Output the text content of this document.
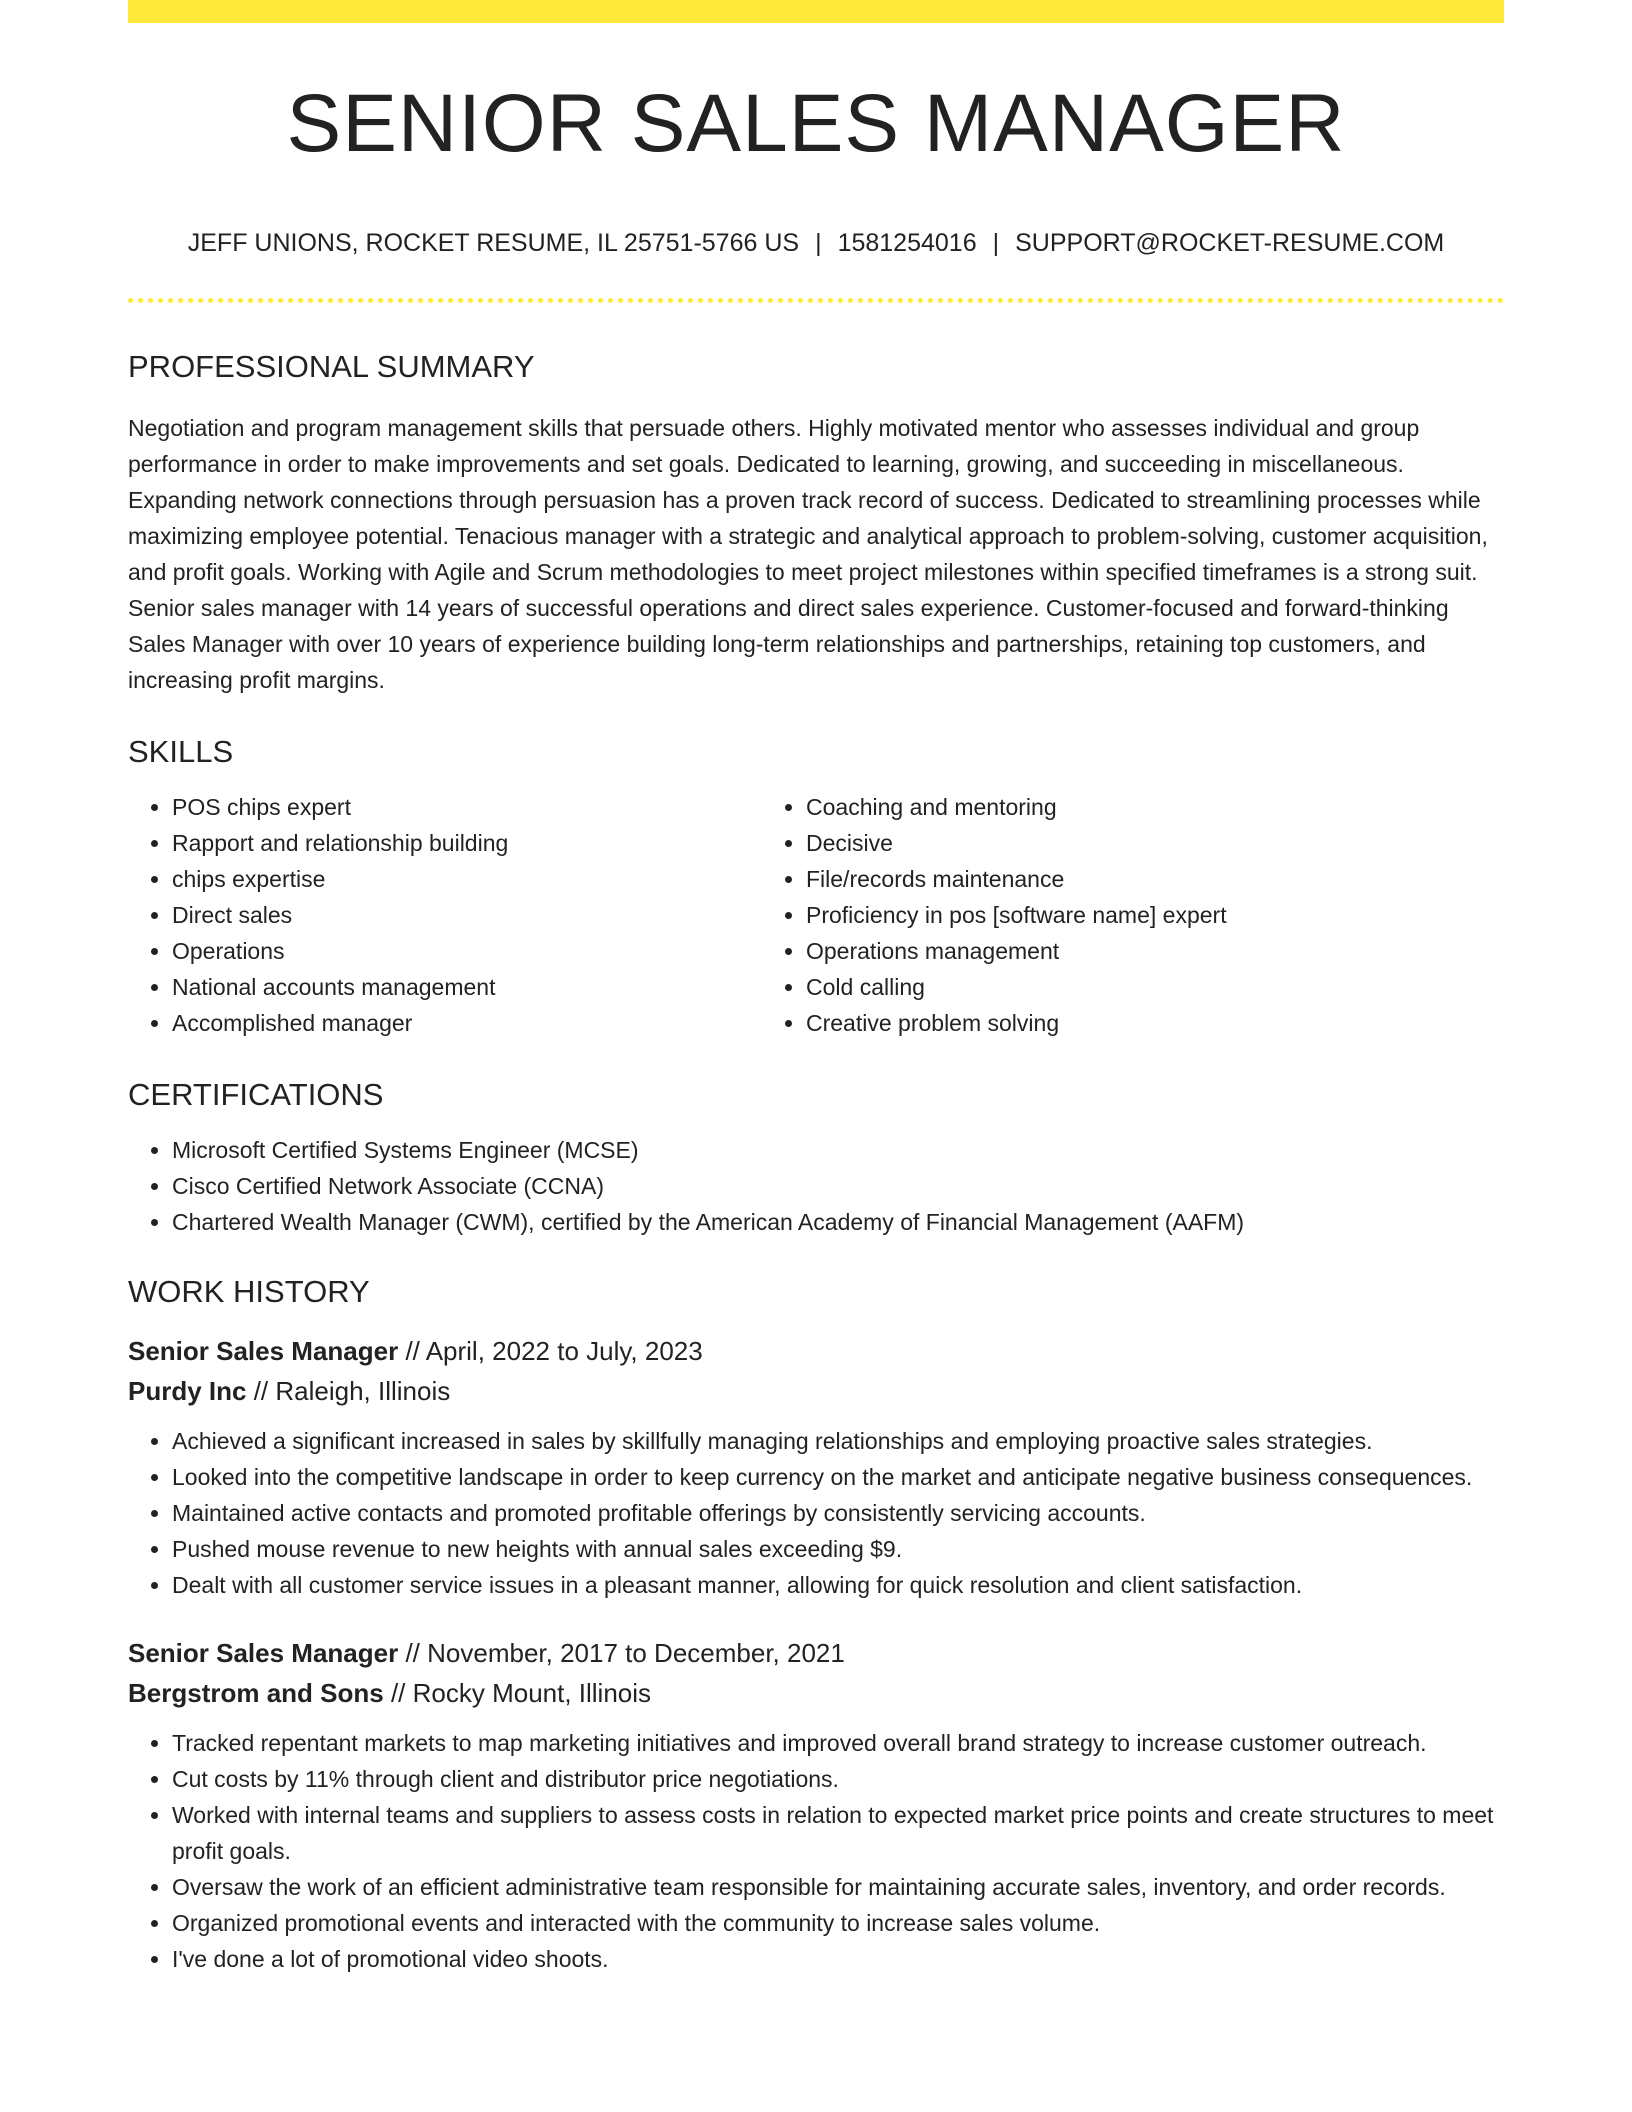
SENIOR SALES MANAGER
JEFF UNIONS, ROCKET RESUME, IL 25751-5766 US | 1581254016 | SUPPORT@ROCKET-RESUME.COM
PROFESSIONAL SUMMARY

Negotiation and program management skills that persuade others. Highly motivated mentor who assesses individual and group performance in order to make improvements and set goals. Dedicated to learning, growing, and succeeding in miscellaneous. Expanding network connections through persuasion has a proven track record of success. Dedicated to streamlining processes while maximizing employee potential. Tenacious manager with a strategic and analytical approach to problem-solving, customer acquisition, and profit goals. Working with Agile and Scrum methodologies to meet project milestones within specified timeframes is a strong suit. Senior sales manager with 14 years of successful operations and direct sales experience. Customer-focused and forward-thinking Sales Manager with over 10 years of experience building long-term relationships and partnerships, retaining top customers, and increasing profit margins.

SKILLS
• POS chips expert
• Rapport and relationship building
• chips expertise
• Direct sales
• Operations
• National accounts management
• Accomplished manager
• Coaching and mentoring
• Decisive
• File/records maintenance
• Proficiency in pos [software name] expert
• Operations management
• Cold calling
• Creative problem solving
CERTIFICATIONS
• Microsoft Certified Systems Engineer (MCSE)
• Cisco Certified Network Associate (CCNA)
• Chartered Wealth Manager (CWM), certified by the American Academy of Financial Management (AAFM)
WORK HISTORY
Senior Sales Manager // April, 2022 to July, 2023
Purdy Inc // Raleigh, Illinois
• Achieved a significant increased in sales by skillfully managing relationships and employing proactive sales strategies.
• Looked into the competitive landscape in order to keep currency on the market and anticipate negative business consequences.
• Maintained active contacts and promoted profitable offerings by consistently servicing accounts.
• Pushed mouse revenue to new heights with annual sales exceeding $9.
• Dealt with all customer service issues in a pleasant manner, allowing for quick resolution and client satisfaction.
Senior Sales Manager // November, 2017 to December, 2021
Bergstrom and Sons // Rocky Mount, Illinois
• Tracked repentant markets to map marketing initiatives and improved overall brand strategy to increase customer outreach.
• Cut costs by 11% through client and distributor price negotiations.
• Worked with internal teams and suppliers to assess costs in relation to expected market price points and create structures to meet profit goals.
• Oversaw the work of an efficient administrative team responsible for maintaining accurate sales, inventory, and order records.
• Organized promotional events and interacted with the community to increase sales volume.
• I've done a lot of promotional video shoots.
